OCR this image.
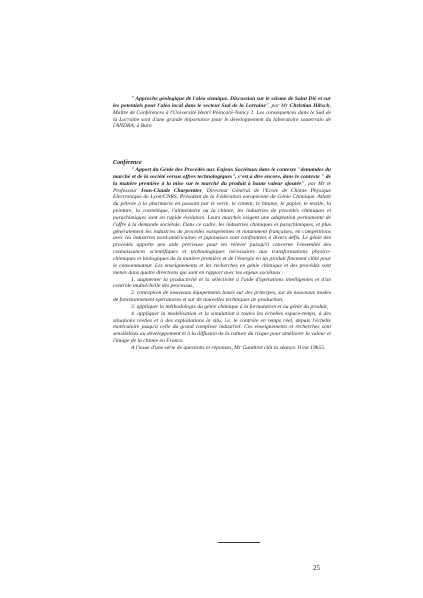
" Approche géologique de l'aléa sismique. Discussion sur le séisme de Saint Dié et sur les potentiels pour l'aléa local dans le secteur Sud de la Lorraine", par Mr Christian Hibsch, Maître de Conférences à l'Université Henri Poincaré-Nancy 1. Les conséquences dans le Sud de la Lorraine sont d'une grande importance pour le développement du laboratoire souterrain de l'ANDRA, à Bure.

Conférence

" Apport du Génie des Procédés aux Enjeux Sociétaux dans le contexte "demandes du marché et de la société versus offres technologiques", c'est à dire encore, dans le contexte " de la matière première à la mise sur le marché du produit à haute valeur ajoutée", par Mr le Professeur Jean-Claude Charpentier, Directeur Général de l'Ecole de Chimie Physique Electronique de Lyon/CNRS, Président de la Fédération européenne de Génie Chimique. Allant du pétrole à la pharmacie en passant par le verre, le ciment, le bitume, le papier, le textile, la peinture, la cosmétique, l'alimentaire ou la chimie, les industries de procédés chimiques et parachimiques sont en rapide évolution. Leurs marchés exigent une adaptation permanente de l'offre à la demande sociétale. Dans ce cadre, les industries chimiques et parachimiques, et plus généralement les industries de procédés européennes et notamment françaises, en compétitions avec les industries nord-américaines et japonaises sont confrontées à divers défis. Le génie des procédés apporte une aide précieuse pour les relever puisqu'il concerne l'ensemble des connaissances scientifiques et technologiques nécessaires aux transformations physico-chimiques et biologiques de la matière première et de l'énergie en un produit finement ciblé pour le consommateur. Les enseignements et les recherches en génie chimique et des procédés sont menés dans quatre directions qui sont en rapport avec les enjeux sociétaux :

1. augmenter la productivité et la sélectivité à l'aide d'opérations intelligentes et d'un contrôle multiéchelle des processus,

2. conception de nouveaux équipements basés sur des principes, sur de nouveaux modes de fonctionnement opératoires et sur de nouvelles techniques de production,

3. appliquer la méthodologie du génie chimique à la formulation et au génie du produit,

4. appliquer la modélisation et la simulation à toutes les échelles espace-temps, à des situations réelles et à des exploitations in situ, i.e. le contrôle en temps réel, depuis l'échelle moléculaire jusqu'à celle du grand complexe industriel. Ces enseignements et recherches sont sensibilisés au développement et à la diffusion de la culture du risque pour améliorer la valeur et l'image de la chimie en France.

A l'issue d'une série de questions et réponses, Mr Gauthrot clôt la séance. Il est 19h55.

25
